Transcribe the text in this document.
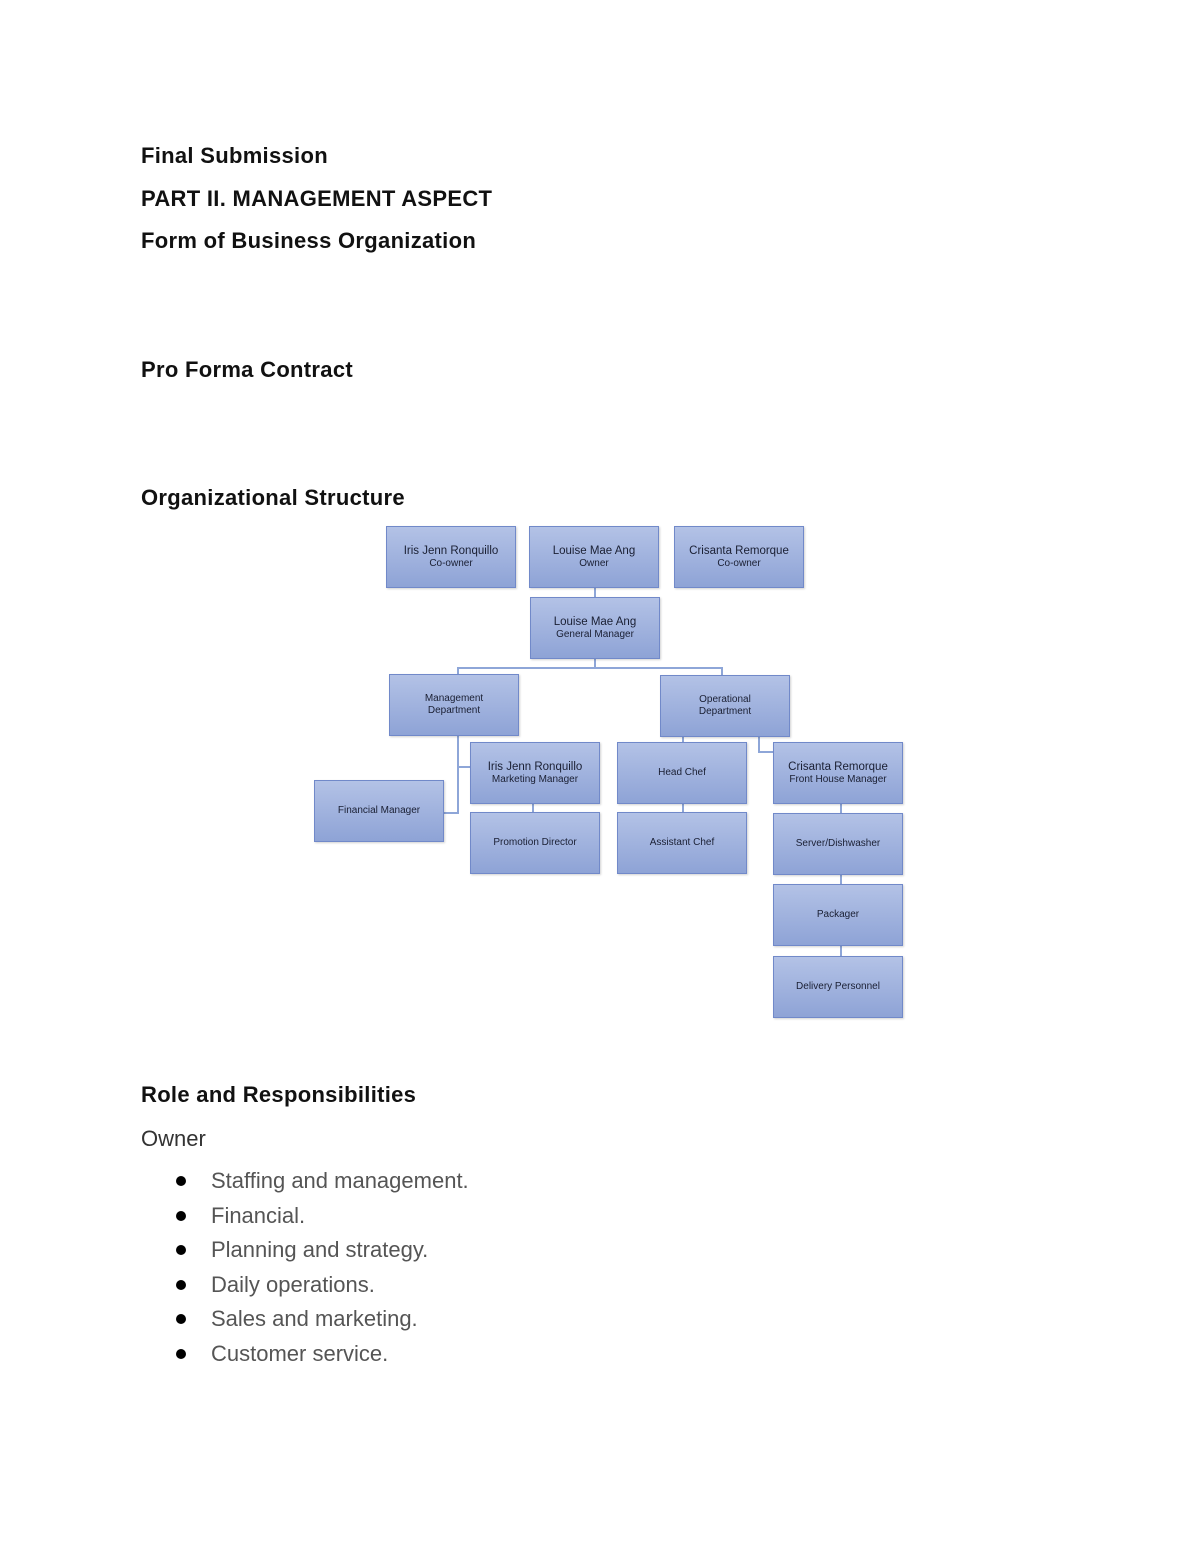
Final Submission
PART II. MANAGEMENT ASPECT
Form of Business Organization
Pro Forma Contract
Organizational Structure
Iris Jenn Ronquillo
Co-owner
Louise Mae Ang
Owner
Crisanta Remorque
Co-owner
Louise Mae Ang
General Manager
Management
Department
Operational
Department
Iris Jenn Ronquillo
Marketing Manager
Head Chef	Crisanta Remorque
Front House Manager
Financial Manager
Promotion Director	Assistant Chef	Server/Dishwasher
Packager
Delivery Personnel
Role and Responsibilities
Owner
Staffing and management.
Financial.
Planning and strategy.
Daily operations.
Sales and marketing.
Customer service.
